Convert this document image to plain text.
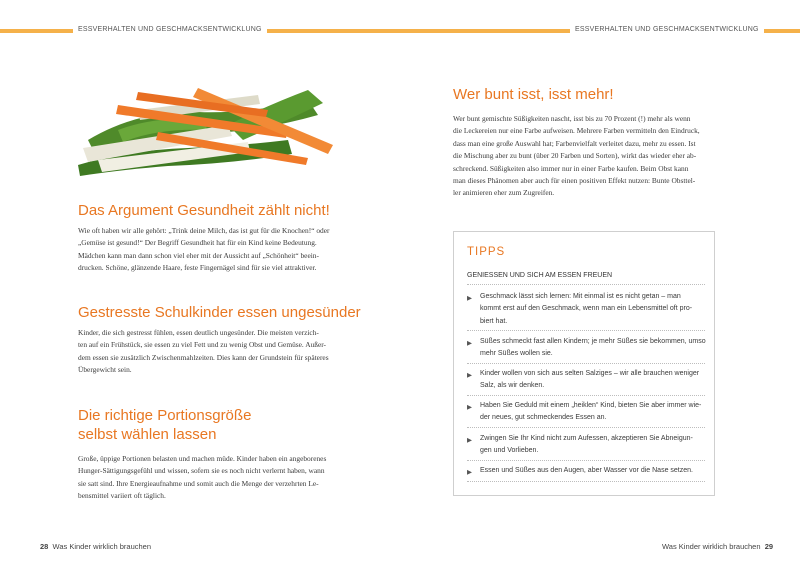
ESSVERHALTEN UND GESCHMACKSENTWICKLUNG
Das Argument Gesundheit zählt nicht!

Wie oft haben wir alle gehört: „Trink deine Milch, das ist gut für die Knochen!“ oder
„Gemüse ist gesund!“ Der Begriff Gesundheit hat für ein Kind keine Bedeutung.
Mädchen kann man dann schon viel eher mit der Aussicht auf „Schönheit“ beein-
drucken. Schöne, glänzende Haare, feste Fingernägel sind für sie viel attraktiver.

Gestresste Schulkinder essen ungesünder

Kinder, die sich gestresst fühlen, essen deutlich ungesünder. Die meisten verzich-
ten auf ein Frühstück, sie essen zu viel Fett und zu wenig Obst und Gemüse. Außer-
dem essen sie zusätzlich Zwischenmahlzeiten. Dies kann der Grundstein für späteres
Übergewicht sein.

Die richtige Portionsgröße
selbst wählen lassen

Große, üppige Portionen belasten und machen müde. Kinder haben ein angeborenes
Hunger-Sättigungsgefühl und wissen, sofern sie es noch nicht verlernt haben, wann
sie satt sind. Ihre Energieaufnahme und somit auch die Menge der verzehrten Le-
bensmittel variiert oft täglich.

28 Was Kinder wirklich brauchen
ESSVERHALTEN UND GESCHMACKSENTWICKLUNG
Wer bunt isst, isst mehr!

Wer bunt gemischte Süßigkeiten nascht, isst bis zu 70 Prozent (!) mehr als wenn
die Leckereien nur eine Farbe aufweisen. Mehrere Farben vermitteln den Eindruck,
dass man eine große Auswahl hat; Farbenvielfalt verleitet dazu, mehr zu essen. Ist
die Mischung aber zu bunt (über 20 Farben und Sorten), wirkt das wieder eher ab-
schreckend. Süßigkeiten also immer nur in einer Farbe kaufen. Beim Obst kann
man dieses Phänomen aber auch für einen positiven Effekt nutzen: Bunte Obsttel-
ler animieren eher zum Zugreifen.

TIPPS
GENIESSEN UND SICH AM ESSEN FREUEN
▶ Geschmack lässt sich lernen: Mit einmal ist es nicht getan – man
kommt erst auf den Geschmack, wenn man ein Lebensmittel oft pro-
biert hat.
▶ Süßes schmeckt fast allen Kindern; je mehr Süßes sie bekommen, umso
mehr Süßes wollen sie.
▶ Kinder wollen von sich aus selten Salziges – wir alle brauchen weniger
Salz, als wir denken.
▶ Haben Sie Geduld mit einem „heiklen“ Kind, bieten Sie aber immer wie-
der neues, gut schmeckendes Essen an.
▶ Zwingen Sie Ihr Kind nicht zum Aufessen, akzeptieren Sie Abneigun-
gen und Vorlieben.
▶ Essen und Süßes aus den Augen, aber Wasser vor die Nase setzen.
Was Kinder wirklich brauchen 29
